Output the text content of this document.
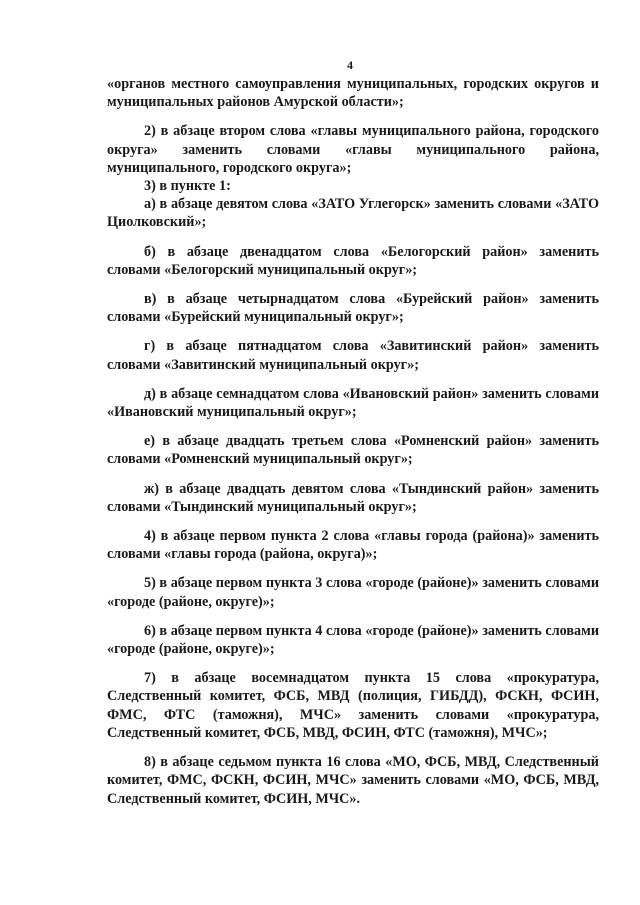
4

«органов местного самоуправления муниципальных, городских округов и муниципальных районов Амурской области»;

2) в абзаце втором слова «главы муниципального района, городского округа» заменить словами «главы муниципального района, муниципального, городского округа»;

3) в пункте 1:

а) в абзаце девятом слова «ЗАТО Углегорск» заменить словами «ЗАТО Циолковский»;

б) в абзаце двенадцатом слова «Белогорский район» заменить словами «Белогорский муниципальный округ»;

в) в абзаце четырнадцатом слова «Бурейский район» заменить словами «Бурейский муниципальный округ»;

г) в абзаце пятнадцатом слова «Завитинский район» заменить словами «Завитинский муниципальный округ»;

д) в абзаце семнадцатом слова «Ивановский район» заменить словами «Ивановский муниципальный округ»;

е) в абзаце двадцать третьем слова «Ромненский район» заменить словами «Ромненский муниципальный округ»;

ж) в абзаце двадцать девятом слова «Тындинский район» заменить словами «Тындинский муниципальный округ»;

4) в абзаце первом пункта 2 слова «главы города (района)» заменить словами «главы города (района, округа)»;

5) в абзаце первом пункта 3 слова «городе (районе)» заменить словами «городе (районе, округе)»;

6) в абзаце первом пункта 4 слова «городе (районе)» заменить словами «городе (районе, округе)»;

7) в абзаце восемнадцатом пункта 15 слова «прокуратура, Следственный комитет, ФСБ, МВД (полиция, ГИБДД), ФСКН, ФСИН, ФМС, ФТС (таможня), МЧС» заменить словами «прокуратура, Следственный комитет, ФСБ, МВД, ФСИН, ФТС (таможня), МЧС»;

8) в абзаце седьмом пункта 16 слова «МО, ФСБ, МВД, Следственный комитет, ФМС, ФСКН, ФСИН, МЧС» заменить словами «МО, ФСБ, МВД, Следственный комитет, ФСИН, МЧС».
